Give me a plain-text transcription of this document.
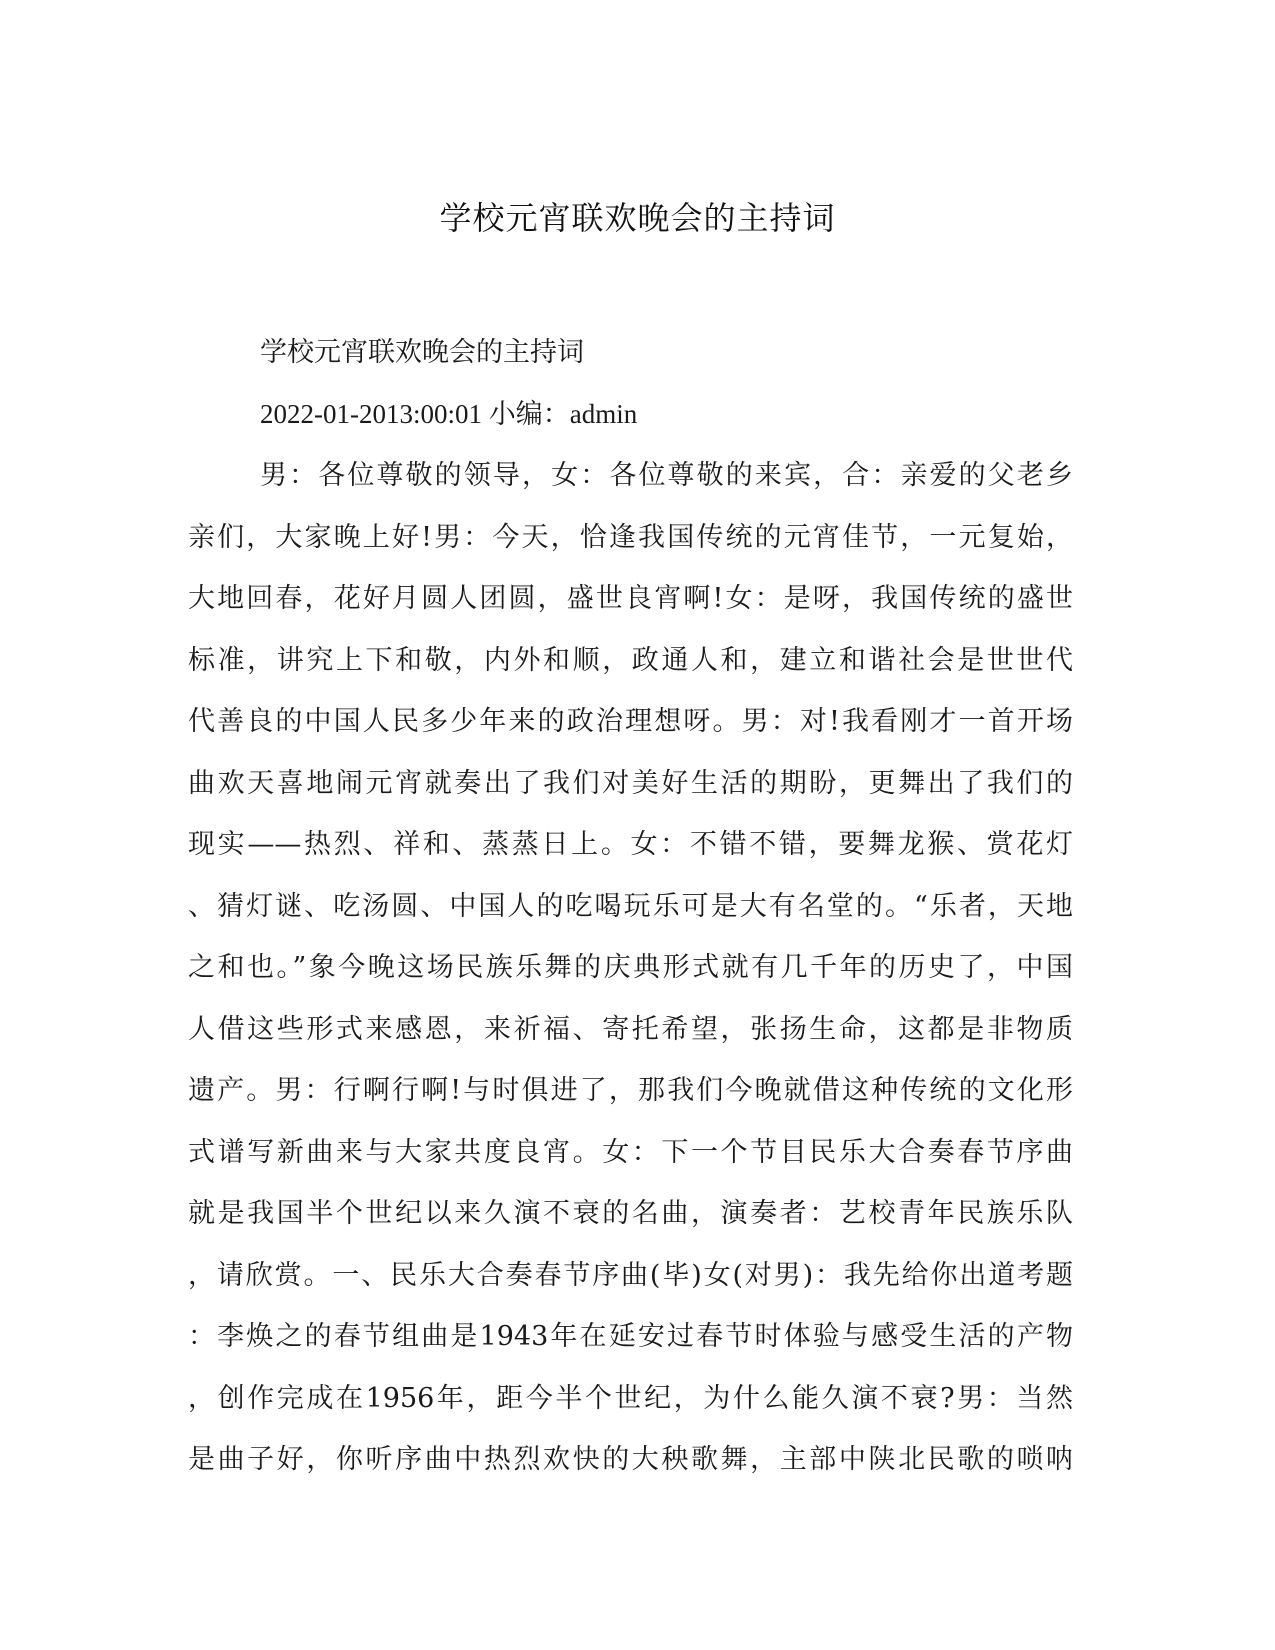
学校元宵联欢晚会的主持词
学校元宵联欢晚会的主持词
2022-01-2013:00:01 小编：admin
男：各位尊敬的领导，女：各位尊敬的来宾，合：亲爱的父老乡
亲们，大家晚上好!男：今天，恰逢我国传统的元宵佳节，一元复始，
大地回春，花好月圆人团圆，盛世良宵啊!女：是呀，我国传统的盛世
标准，讲究上下和敬，内外和顺，政通人和，建立和谐社会是世世代
代善良的中国人民多少年来的政治理想呀。男：对!我看刚才一首开场
曲欢天喜地闹元宵就奏出了我们对美好生活的期盼，更舞出了我们的
现实——热烈、祥和、蒸蒸日上。女：不错不错，要舞龙猴、赏花灯
、猜灯谜、吃汤圆、中国人的吃喝玩乐可是大有名堂的。“乐者，天地
之和也。”象今晚这场民族乐舞的庆典形式就有几千年的历史了，中国
人借这些形式来感恩，来祈福、寄托希望，张扬生命，这都是非物质
遗产。男：行啊行啊!与时俱进了，那我们今晚就借这种传统的文化形
式谱写新曲来与大家共度良宵。女：下一个节目民乐大合奏春节序曲
就是我国半个世纪以来久演不衰的名曲，演奏者：艺校青年民族乐队
，请欣赏。一、民乐大合奏春节序曲(毕)女(对男)：我先给你出道考题
：李焕之的春节组曲是1943年在延安过春节时体验与感受生活的产物
，创作完成在1956年，距今半个世纪，为什么能久演不衰?男：当然
是曲子好，你听序曲中热烈欢快的大秧歌舞，主部中陕北民歌的唢呐
